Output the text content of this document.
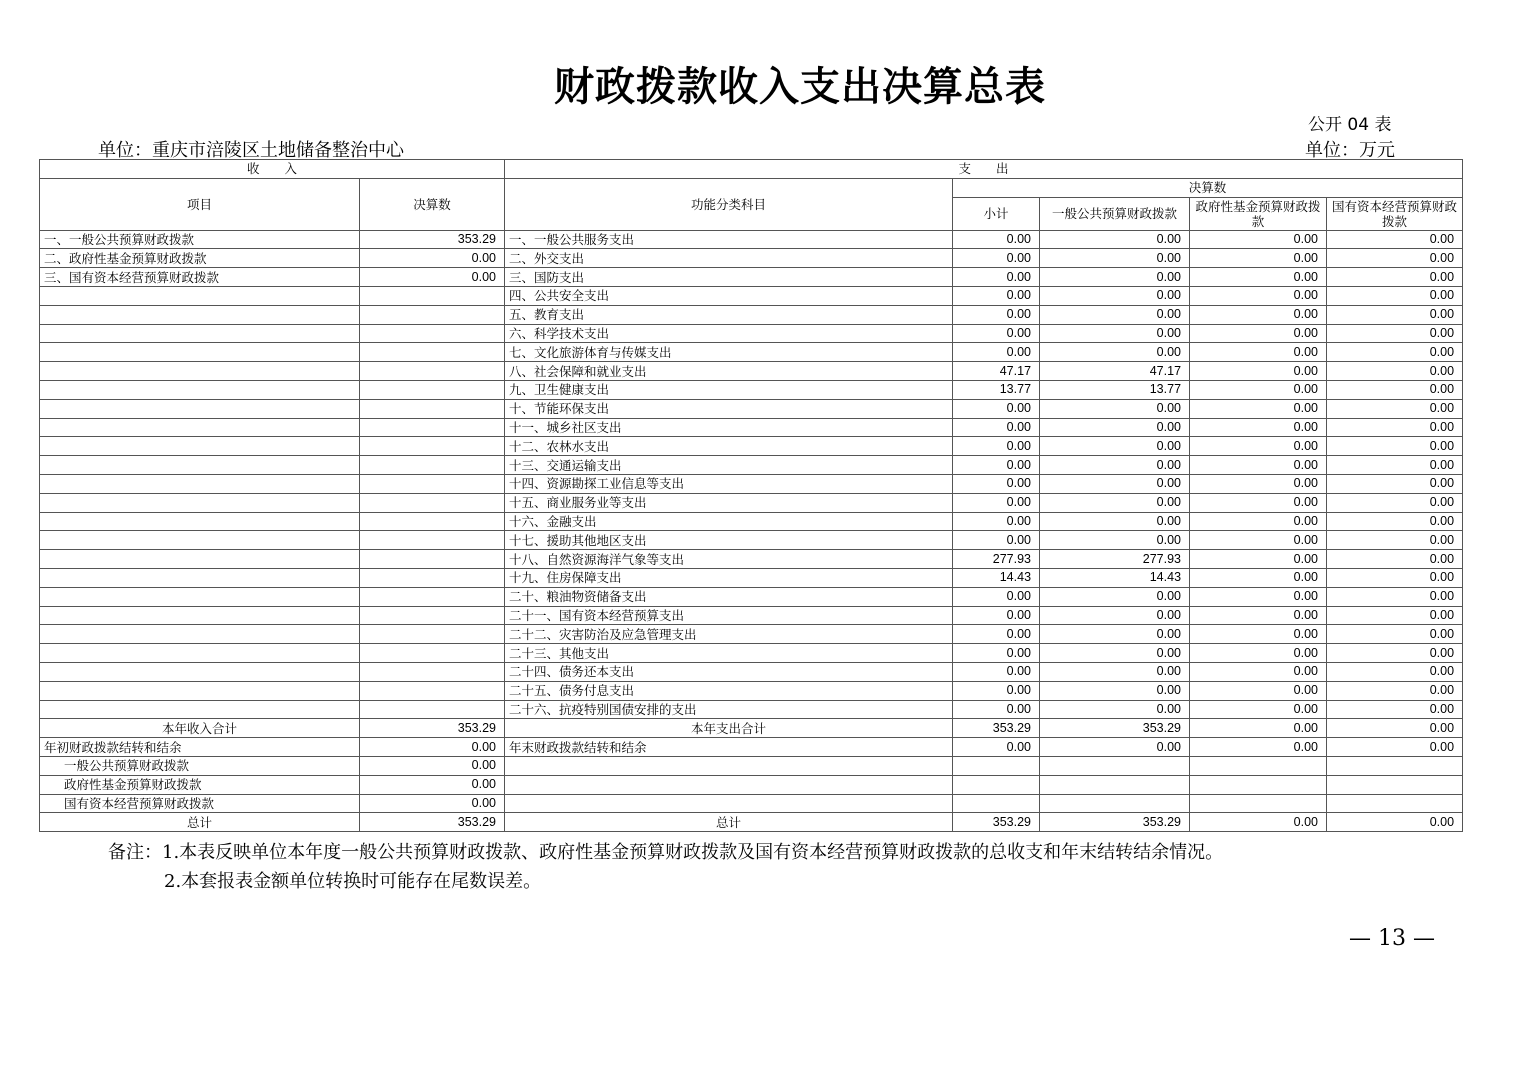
财政拨款收入支出决算总表
公开 04 表
单位：重庆市涪陵区土地储备整治中心	单位：万元
收　　入		支　　出				
项目	决算数	功能分类科目	决算数			
			小计	一般公共预算财政拨款	政府性基金预算财政拨款	国有资本经营预算财政拨款
一、一般公共预算财政拨款	353.29	一、一般公共服务支出	0.00	0.00	0.00	0.00
二、政府性基金预算财政拨款	0.00	二、外交支出	0.00	0.00	0.00	0.00
三、国有资本经营预算财政拨款	0.00	三、国防支出	0.00	0.00	0.00	0.00
		四、公共安全支出	0.00	0.00	0.00	0.00
		五、教育支出	0.00	0.00	0.00	0.00
		六、科学技术支出	0.00	0.00	0.00	0.00
		七、文化旅游体育与传媒支出	0.00	0.00	0.00	0.00
		八、社会保障和就业支出	47.17	47.17	0.00	0.00
		九、卫生健康支出	13.77	13.77	0.00	0.00
		十、节能环保支出	0.00	0.00	0.00	0.00
		十一、城乡社区支出	0.00	0.00	0.00	0.00
		十二、农林水支出	0.00	0.00	0.00	0.00
		十三、交通运输支出	0.00	0.00	0.00	0.00
		十四、资源勘探工业信息等支出	0.00	0.00	0.00	0.00
		十五、商业服务业等支出	0.00	0.00	0.00	0.00
		十六、金融支出	0.00	0.00	0.00	0.00
		十七、援助其他地区支出	0.00	0.00	0.00	0.00
		十八、自然资源海洋气象等支出	277.93	277.93	0.00	0.00
		十九、住房保障支出	14.43	14.43	0.00	0.00
		二十、粮油物资储备支出	0.00	0.00	0.00	0.00
		二十一、国有资本经营预算支出	0.00	0.00	0.00	0.00
		二十二、灾害防治及应急管理支出	0.00	0.00	0.00	0.00
		二十三、其他支出	0.00	0.00	0.00	0.00
		二十四、债务还本支出	0.00	0.00	0.00	0.00
		二十五、债务付息支出	0.00	0.00	0.00	0.00
		二十六、抗疫特别国债安排的支出	0.00	0.00	0.00	0.00
本年收入合计	353.29	本年支出合计	353.29	353.29	0.00	0.00
年初财政拨款结转和结余	0.00	年末财政拨款结转和结余	0.00	0.00	0.00	0.00
一般公共预算财政拨款	0.00					
政府性基金预算财政拨款	0.00					
国有资本经营预算财政拨款	0.00					
总计	353.29	总计	353.29	353.29	0.00	0.00
备注：1.本表反映单位本年度一般公共预算财政拨款、政府性基金预算财政拨款及国有资本经营预算财政拨款的总收支和年末结转结余情况。
2.本套报表金额单位转换时可能存在尾数误差。
— 13 —
